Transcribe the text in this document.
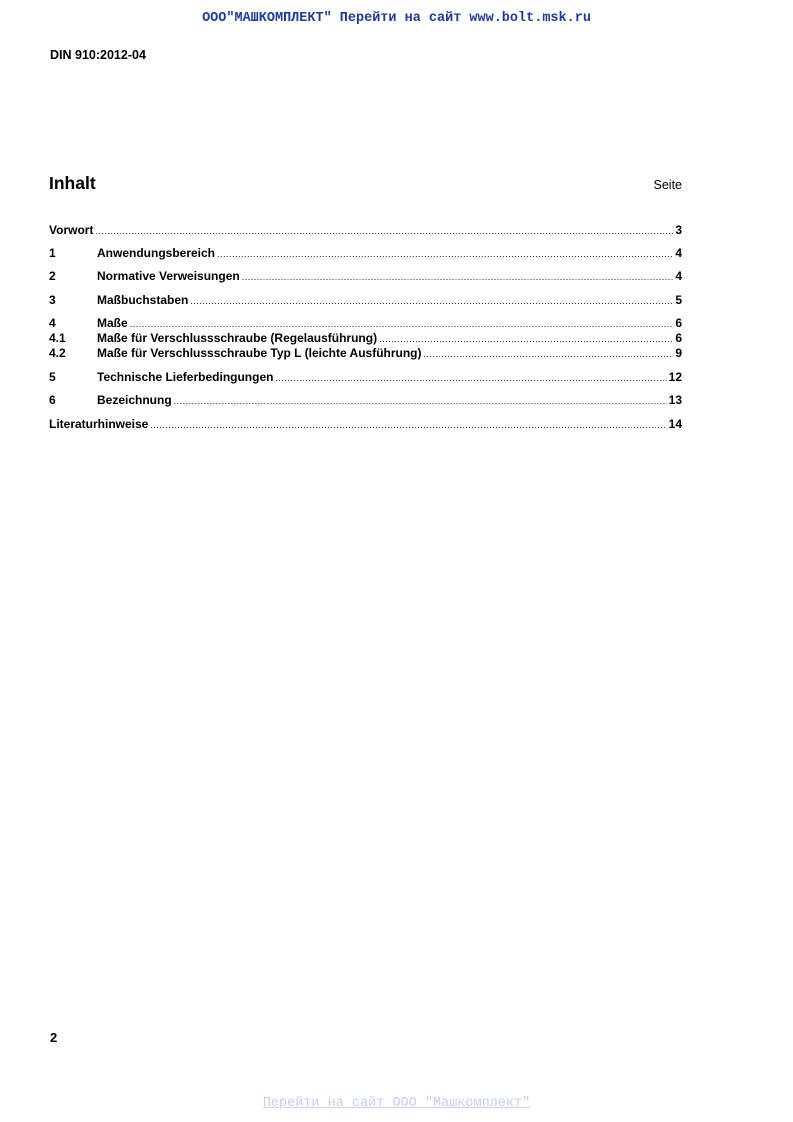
ООО"МАШКОМПЛЕКТ" Перейти на сайт www.bolt.msk.ru
DIN 910:2012-04
Inhalt	Seite
Vorwort .....	3
1	Anwendungsbereich .....	4
2	Normative Verweisungen .....	4
3	Maßbuchstaben .....	5
4	Maße .....	6
4.1	Maße für Verschlussschraube (Regelausführung) .....	6
4.2	Maße für Verschlussschraube Typ L (leichte Ausführung) .....	9
5	Technische Lieferbedingungen .....	12
6	Bezeichnung .....	13
Literaturhinweise .....	14
2
Перейти на сайт ООО "Машкомплект"
